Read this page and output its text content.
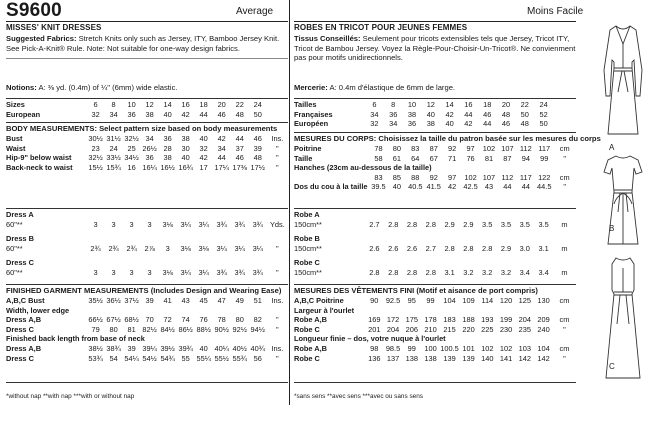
S9600	Average	Moins Facile
MISSES' KNIT DRESSES
Suggested Fabrics: Stretch Knits only such as Jersey, ITY, Bamboo Jersey Knit. See Pick-A-Knit® Rule. Note: Not suitable for one-way design fabrics.
Notions: A: ⅜ yd. (0.4m) of ¼" (6mm) wide elastic.
Sizes	6	8	10	12	14	16	18	20	22	24	
European	32	34	36	38	40	42	44	46	48	50	
BODY MEASUREMENTS: Select pattern size based on body measurements
Bust	30½	31½	32½	34	36	38	40	42	44	46	Ins.
Waist	23	24	25	26½	28	30	32	34	37	39	"
Hip-9" below waist	32½	33½	34½	36	38	40	42	44	46	48	"
Back-neck to waist	15½	15¾	16	16¼	16½	16¾	17	17¼	17⅜	17½	"
Dress A											
60"**	3	3	3	3	3⅛	3¼	3¼	3¾	3¾	3¾	Yds.

Dress B											
60"**	2¾	2¾	2¾	2⅞	3	3⅛	3⅛	3¼	3¼	3¼	"

Dress C											
60"**	3	3	3	3	3⅛	3¼	3¼	3¾	3¾	3¾	"

FINISHED GARMENT MEASUREMENTS (Includes Design and Wearing Ease)
A,B,C Bust	35½	36½	37½	39	41	43	45	47	49	51	Ins.
Width, lower edge											
Dress A,B	66½	67½	68½	70	72	74	76	78	80	82	"
Dress C	79	80	81	82½	84½	86½	88½	90½	92½	94½	"
Finished back length from base of neck											
Dress A,B	38½	38¾	39	39¼	39½	39¾	40	40¼	40½	40¾	Ins.
Dress C	53¾	54	54¼	54½	54¾	55	55¼	55½	55¾	56	"
*without nap **with nap ***with or without nap
ROBES EN TRICOT POUR JEUNES FEMMES
Tissus Conseillés: Seulement pour tricots extensibles tels que Jersey, Tricot ITY, Tricot de Bambou Jersey. Voyez la Règle-Pour-Choisir-Un-Tricot®. Ne convienment pas pour motifs unidirectionnels.
Mercerie: A: 0.4m d'élastique de 6mm de large.
Tailles	6	8	10	12	14	16	18	20	22	24	
Françaises	34	36	38	40	42	44	46	48	50	52	
Européen	32	34	36	38	40	42	44	46	48	50	
MESURES DU CORPS: Choisissez la taille du patron basée sur les mesures du corps
Poitrine	78	80	83	87	92	97	102	107	112	117	cm
Taille	58	61	64	67	71	76	81	87	94	99	"
Hanches (23cm au-dessous de la taille)											
	83	85	88	92	97	102	107	112	117	122	cm
Dos du cou à la taille	39.5	40	40.5	41.5	42	42.5	43	44	44	44.5	"
Robe A											
150cm**	2.7	2.8	2.8	2.8	2.9	2.9	3.5	3.5	3.5	3.5	m

Robe B											
150cm**	2.6	2.6	2.6	2.7	2.8	2.8	2.8	2.9	3.0	3.1	m

Robe C											
150cm**	2.8	2.8	2.8	2.8	3.1	3.2	3.2	3.2	3.4	3.4	m

MESURES DES VÊTEMENTS FINI (Motif et aisance de port compris)
A,B,C Poitrine	90	92.5	95	99	104	109	114	120	125	130	cm
Largeur à l'ourlet											
Robe A,B	169	172	175	178	183	188	193	199	204	209	cm
Robe C	201	204	206	210	215	220	225	230	235	240	"
Longueur finie – dos, votre nuque à l'ourlet											
Robe A,B	98	98.5	99	100	100.5	101	102	102	103	104	cm
Robe C	136	137	138	138	139	139	140	141	142	142	"
*sans sens **avec sens ***avec ou sans sens
A
B
C
